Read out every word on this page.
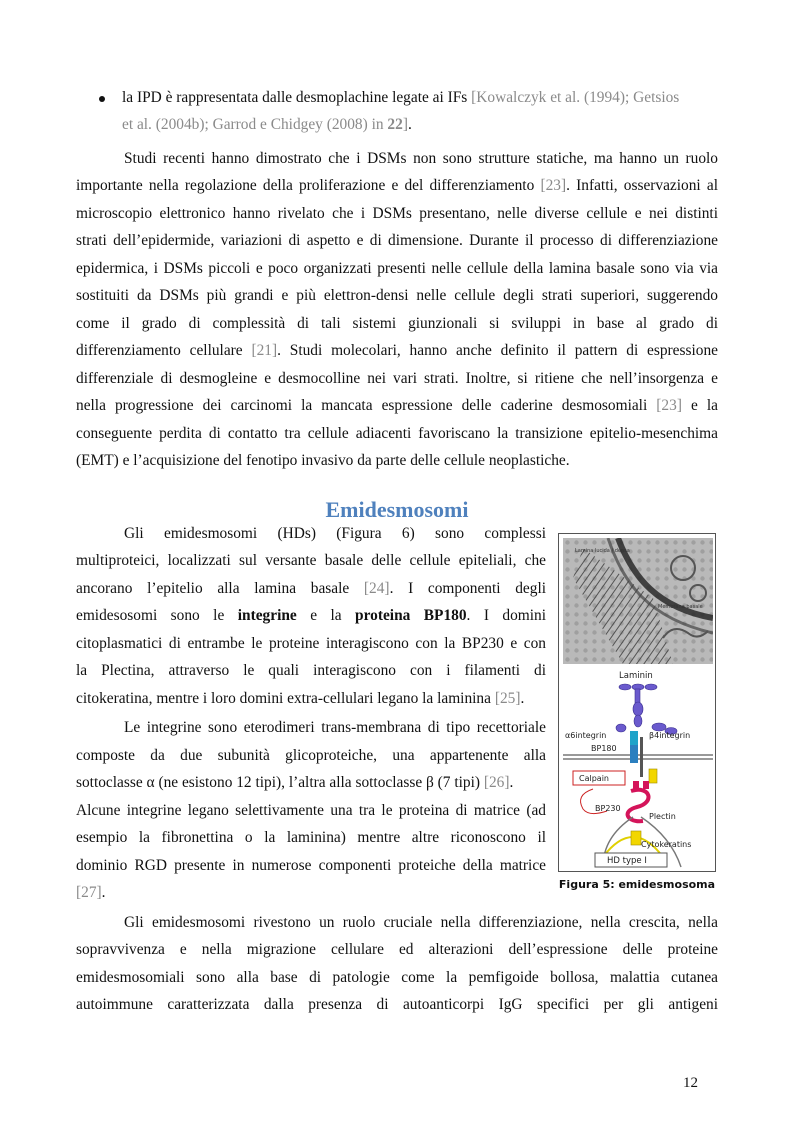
la IPD è rappresentata dalle desmoplachine legate ai IFs [Kowalczyk et al. (1994); Getsios
et al. (2004b); Garrod e Chidgey (2008) in 22].
Studi recenti hanno dimostrato che i DSMs non sono strutture statiche, ma hanno un ruolo
importante nella regolazione della proliferazione e del differenziamento [23]. Infatti, osservazioni al
microscopio elettronico hanno rivelato che i DSMs presentano, nelle diverse cellule e nei distinti
strati dell’epidermide, variazioni di aspetto e di dimensione. Durante il processo di differenziazione
epidermica, i DSMs piccoli e poco organizzati presenti nelle cellule della lamina basale sono via via
sostituiti da DSMs più grandi e più elettron-densi nelle cellule degli strati superiori, suggerendo
come il grado di complessità di tali sistemi giunzionali si sviluppi in base al grado di
differenziamento cellulare [21]. Studi molecolari, hanno anche definito il pattern di espressione
differenziale di desmogleine e desmocolline nei vari strati. Inoltre, si ritiene che nell’insorgenza e
nella progressione dei carcinomi la mancata espressione delle caderine desmosomiali [23] e la
conseguente perdita di contatto tra cellule adiacenti favoriscano la transizione epitelio-mesenchima
(EMT) e l’acquisizione del fenotipo invasivo da parte delle cellule neoplastiche.
Emidesmosomi
Gli emidesmosomi (HDs) (Figura 6) sono complessi
multiproteici, localizzati sul versante basale delle cellule epiteliali, che
ancorano l’epitelio alla lamina basale [24]. I componenti degli
emidesosomi sono le integrine e la proteina BP180. I domini
citoplasmatici di entrambe le proteine interagiscono con la BP230 e con
la Plectina, attraverso le quali interagiscono con i filamenti di
citokeratina, mentre i loro domini extra-cellulari legano la laminina [25].
Le integrine sono eterodimeri trans-membrana di tipo recettoriale
composte da due subunità glicoproteiche, una appartenente alla
sottoclasse α (ne esistono 12 tipi), l’altra alla sottoclasse β (7 tipi) [26].
Alcune integrine legano selettivamente una tra le proteina di matrice (ad
esempio la fibronettina o la laminina) mentre altre riconoscono il
dominio RGD presente in numerose componenti proteiche della matrice
[27].
Gli emidesmosomi rivestono un ruolo cruciale nella differenziazione, nella crescita, nella
sopravvivenza e nella migrazione cellulare ed alterazioni dell’espressione delle proteine
emidesmosomiali sono alla base di patologie come la pemfigoide bollosa, malattia cutanea
autoimmune caratterizzata dalla presenza di autoanticorpi IgG specifici per gli antigeni
Lamina lucida / densa
Membrana basale
Laminin
α6integrin	β4integrin
BP180
Calpain
BP230
Plectin
Cytokeratins
HD type I
Figura 5: emidesmosoma
12
